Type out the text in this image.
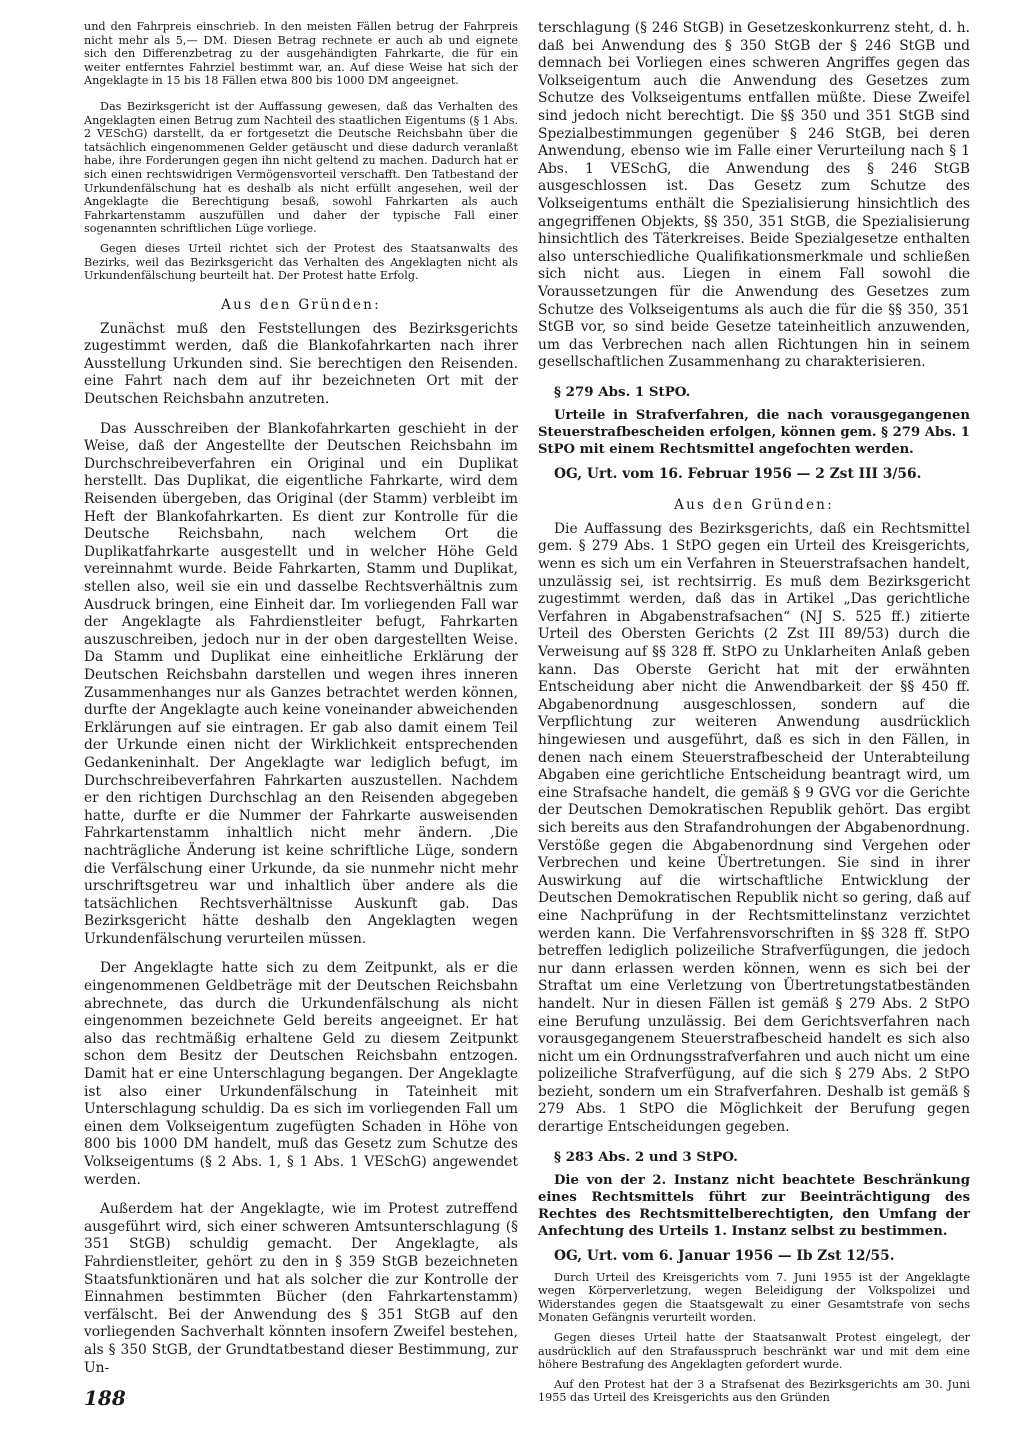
und den Fahrpreis einschrieb. In den meisten Fällen betrug der Fahrpreis nicht mehr als 5,— DM. Diesen Betrag rechnete er auch ab und eignete sich den Differenzbetrag zu der ausgehändigten Fahrkarte, die für ein weiter entferntes Fahrziel bestimmt war, an. Auf diese Weise hat sich der Angeklagte in 15 bis 18 Fällen etwa 800 bis 1000 DM angeeignet.

Das Bezirksgericht ist der Auffassung gewesen, daß das Verhalten des Angeklagten einen Betrug zum Nachteil des staatlichen Eigentums (§ 1 Abs. 2 VESchG) darstellt, da er fortgesetzt die Deutsche Reichsbahn über die tatsächlich eingenommenen Gelder getäuscht und diese dadurch veranlaßt habe, ihre Forderungen gegen ihn nicht geltend zu machen. Dadurch hat er sich einen rechtswidrigen Vermögensvorteil verschafft. Den Tatbestand der Urkundenfälschung hat es deshalb als nicht erfüllt angesehen, weil der Angeklagte die Berechtigung besaß, sowohl Fahrkarten als auch Fahrkartenstamm auszufüllen und daher der typische Fall einer sogenannten schriftlichen Lüge vorliege.

Gegen dieses Urteil richtet sich der Protest des Staatsanwalts des Bezirks, weil das Bezirksgericht das Verhalten des Angeklagten nicht als Urkundenfälschung beurteilt hat. Der Protest hatte Erfolg.

Aus den Gründen:

Zunächst muß den Feststellungen des Bezirksgerichts zugestimmt werden, daß die Blankofahrkarten nach ihrer Ausstellung Urkunden sind. Sie berechtigen den Reisenden. eine Fahrt nach dem auf ihr bezeichneten Ort mit der Deutschen Reichsbahn anzutreten.

Das Ausschreiben der Blankofahrkarten geschieht in der Weise, daß der Angestellte der Deutschen Reichsbahn im Durchschreibeverfahren ein Original und ein Duplikat herstellt. Das Duplikat, die eigentliche Fahrkarte, wird dem Reisenden übergeben, das Original (der Stamm) verbleibt im Heft der Blankofahrkarten. Es dient zur Kontrolle für die Deutsche Reichsbahn, nach welchem Ort die Duplikatfahrkarte ausgestellt und in welcher Höhe Geld vereinnahmt wurde. Beide Fahrkarten, Stamm und Duplikat, stellen also, weil sie ein und dasselbe Rechtsverhältnis zum Ausdruck bringen, eine Einheit dar. Im vorliegenden Fall war der Angeklagte als Fahrdienstleiter befugt, Fahrkarten auszuschreiben, jedoch nur in der oben dargestellten Weise. Da Stamm und Duplikat eine einheitliche Erklärung der Deutschen Reichsbahn darstellen und wegen ihres inneren Zusammenhanges nur als Ganzes betrachtet werden können, durfte der Angeklagte auch keine voneinander abweichenden Erklärungen auf sie eintragen. Er gab also damit einem Teil der Urkunde einen nicht der Wirklichkeit entsprechenden Gedankeninhalt. Der Angeklagte war lediglich befugt, im Durchschreibeverfahren Fahrkarten auszustellen. Nachdem er den richtigen Durchschlag an den Reisenden abgegeben hatte, durfte er die Nummer der Fahrkarte ausweisenden Fahrkartenstamm inhaltlich nicht mehr ändern. ‚Die nachträgliche Änderung ist keine schriftliche Lüge, sondern die Verfälschung einer Urkunde, da sie nunmehr nicht mehr urschriftsgetreu war und inhaltlich über andere als die tatsächlichen Rechtsverhältnisse Auskunft gab. Das Bezirksgericht hätte deshalb den Angeklagten wegen Urkundenfälschung verurteilen müssen.

Der Angeklagte hatte sich zu dem Zeitpunkt, als er die eingenommenen Geldbeträge mit der Deutschen Reichsbahn abrechnete, das durch die Urkundenfälschung als nicht eingenommen bezeichnete Geld bereits angeeignet. Er hat also das rechtmäßig erhaltene Geld zu diesem Zeitpunkt schon dem Besitz der Deutschen Reichsbahn entzogen. Damit hat er eine Unterschlagung begangen. Der Angeklagte ist also einer Urkundenfälschung in Tateinheit mit Unterschlagung schuldig. Da es sich im vorliegenden Fall um einen dem Volkseigentum zugefügten Schaden in Höhe von 800 bis 1000 DM handelt, muß das Gesetz zum Schutze des Volkseigentums (§ 2 Abs. 1, § 1 Abs. 1 VESchG) angewendet werden.

Außerdem hat der Angeklagte, wie im Protest zutreffend ausgeführt wird, sich einer schweren Amtsunterschlagung (§ 351 StGB) schuldig gemacht. Der Angeklagte, als Fahrdienstleiter, gehört zu den in § 359 StGB bezeichneten Staatsfunktionären und hat als solcher die zur Kontrolle der Einnahmen bestimmten Bücher (den Fahrkartenstamm) verfälscht. Bei der Anwendung des § 351 StGB auf den vorliegenden Sachverhalt könnten insofern Zweifel bestehen, als § 350 StGB, der Grundtatbestand dieser Bestimmung, zur Un-

terschlagung (§ 246 StGB) in Gesetzeskonkurrenz steht, d. h. daß bei Anwendung des § 350 StGB der § 246 StGB und demnach bei Vorliegen eines schweren Angriffes gegen das Volkseigentum auch die Anwendung des Gesetzes zum Schutze des Volkseigentums entfallen müßte. Diese Zweifel sind jedoch nicht berechtigt. Die §§ 350 und 351 StGB sind Spezialbestimmungen gegenüber § 246 StGB, bei deren Anwendung, ebenso wie im Falle einer Verurteilung nach § 1 Abs. 1 VESchG, die Anwendung des § 246 StGB ausgeschlossen ist. Das Gesetz zum Schutze des Volkseigentums enthält die Spezialisierung hinsichtlich des angegriffenen Objekts, §§ 350, 351 StGB, die Spezialisierung hinsichtlich des Täterkreises. Beide Spezialgesetze enthalten also unterschiedliche Qualifikationsmerkmale und schließen sich nicht aus. Liegen in einem Fall sowohl die Voraussetzungen für die Anwendung des Gesetzes zum Schutze des Volkseigentums als auch die für die §§ 350, 351 StGB vor, so sind beide Gesetze tateinheitlich anzuwenden, um das Verbrechen nach allen Richtungen hin in seinem gesellschaftlichen Zusammenhang zu charakterisieren.

§ 279 Abs. 1 StPO.

Urteile in Strafverfahren, die nach vorausgegangenen Steuerstrafbescheiden erfolgen, können gem. § 279 Abs. 1 StPO mit einem Rechtsmittel angefochten werden.

OG, Urt. vom 16. Februar 1956 — 2 Zst III 3/56.

Aus den Gründen:

Die Auffassung des Bezirksgerichts, daß ein Rechtsmittel gem. § 279 Abs. 1 StPO gegen ein Urteil des Kreisgerichts, wenn es sich um ein Verfahren in Steuerstrafsachen handelt, unzulässig sei, ist rechtsirrig. Es muß dem Bezirksgericht zugestimmt werden, daß das in Artikel „Das gerichtliche Verfahren in Abgabenstrafsachen“ (NJ S. 525 ff.) zitierte Urteil des Obersten Gerichts (2 Zst III 89/53) durch die Verweisung auf §§ 328 ff. StPO zu Unklarheiten Anlaß geben kann. Das Oberste Gericht hat mit der erwähnten Entscheidung aber nicht die Anwendbarkeit der §§ 450 ff. Abgabenordnung ausgeschlossen, sondern auf die Verpflichtung zur weiteren Anwendung ausdrücklich hingewiesen und ausgeführt, daß es sich in den Fällen, in denen nach einem Steuerstrafbescheid der Unterabteilung Abgaben eine gerichtliche Entscheidung beantragt wird, um eine Strafsache handelt, die gemäß § 9 GVG vor die Gerichte der Deutschen Demokratischen Republik gehört. Das ergibt sich bereits aus den Strafandrohungen der Abgabenordnung. Verstöße gegen die Abgabenordnung sind Vergehen oder Verbrechen und keine Übertretungen. Sie sind in ihrer Auswirkung auf die wirtschaftliche Entwicklung der Deutschen Demokratischen Republik nicht so gering, daß auf eine Nachprüfung in der Rechtsmittelinstanz verzichtet werden kann. Die Verfahrensvorschriften in §§ 328 ff. StPO betreffen lediglich polizeiliche Strafverfügungen, die jedoch nur dann erlassen werden können, wenn es sich bei der Straftat um eine Verletzung von Übertretungstatbeständen handelt. Nur in diesen Fällen ist gemäß § 279 Abs. 2 StPO eine Berufung unzulässig. Bei dem Gerichtsverfahren nach vorausgegangenem Steuerstrafbescheid handelt es sich also nicht um ein Ordnungsstrafverfahren und auch nicht um eine polizeiliche Strafverfügung, auf die sich § 279 Abs. 2 StPO bezieht, sondern um ein Strafverfahren. Deshalb ist gemäß § 279 Abs. 1 StPO die Möglichkeit der Berufung gegen derartige Entscheidungen gegeben.

§ 283 Abs. 2 und 3 StPO.

Die von der 2. Instanz nicht beachtete Beschränkung eines Rechtsmittels führt zur Beeinträchtigung des Rechtes des Rechtsmittelberechtigten, den Umfang der Anfechtung des Urteils 1. Instanz selbst zu bestimmen.

OG, Urt. vom 6. Januar 1956 — Ib Zst 12/55.

Durch Urteil des Kreisgerichts vom 7. Juni 1955 ist der Angeklagte wegen Körperverletzung, wegen Beleidigung der Volkspolizei und Widerstandes gegen die Staatsgewalt zu einer Gesamtstrafe von sechs Monaten Gefängnis verurteilt worden.

Gegen dieses Urteil hatte der Staatsanwalt Protest eingelegt, der ausdrücklich auf den Strafausspruch beschränkt war und mit dem eine höhere Bestrafung des Angeklagten gefordert wurde.

Auf den Protest hat der 3 a Strafsenat des Bezirksgerichts am 30. Juni 1955 das Urteil des Kreisgerichts aus den Gründen

188
